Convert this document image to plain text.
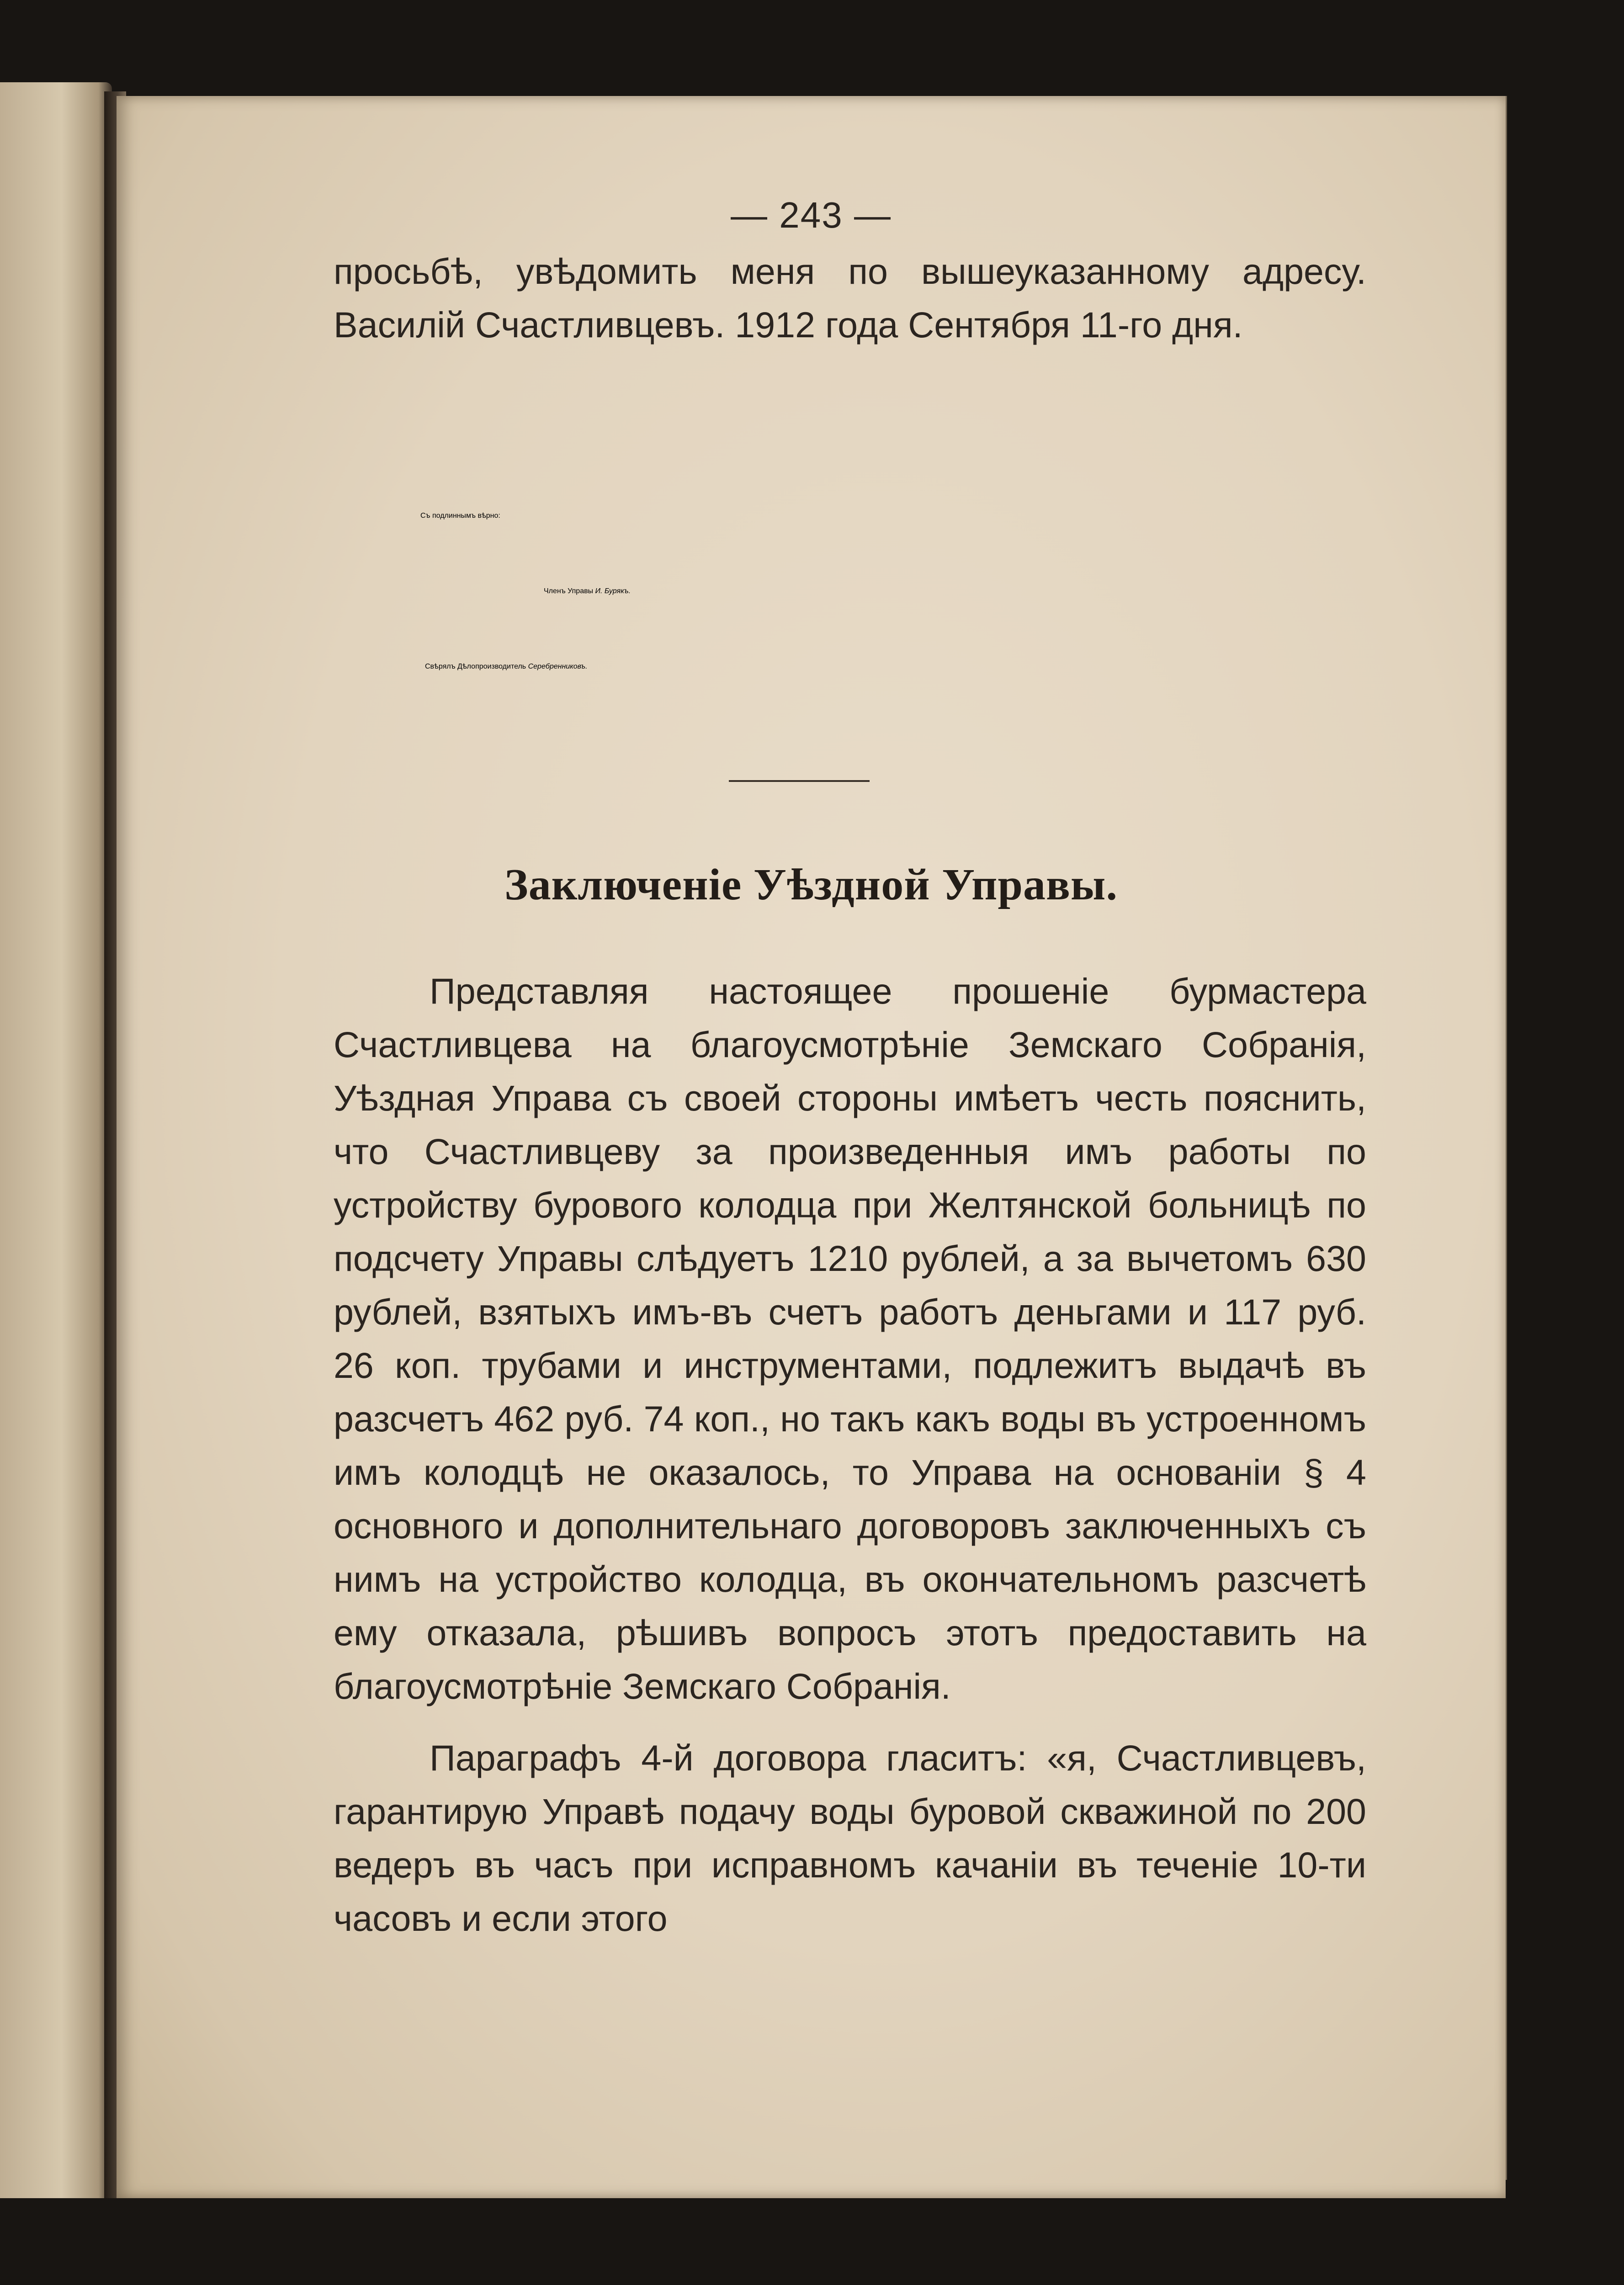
— 243 —

просьбѣ, увѣдомить меня по вышеуказанному адресу. Василій Счастливцевъ. 1912 года Сентября 11-го дня.

Съ подлиннымъ вѣрно:

Членъ Управы И. Бурякъ.

Свѣрялъ Дѣлопроизводитель Серебренниковъ.

Заключеніе Уѣздной Управы.

Представляя настоящее прошеніе бурмастера Счастливцева на благоусмотрѣніе Земскаго Собранія, Уѣздная Управа съ своей стороны имѣетъ честь пояснить, что Счастливцеву за произведенныя имъ работы по устройству бурового колодца при Желтянской больницѣ по подсчету Управы слѣдуетъ 1210 рублей, а за вычетомъ 630 рублей, взятыхъ имъ-въ счетъ работъ деньгами и 117 руб. 26 коп. трубами и инструментами, подлежитъ выдачѣ въ разсчетъ 462 руб. 74 коп., но такъ какъ воды въ устроенномъ имъ колодцѣ не оказалось, то Управа на основаніи § 4 основного и дополнительнаго договоровъ заключенныхъ съ нимъ на устройство колодца, въ окончательномъ разсчетѣ ему отказала, рѣшивъ вопросъ этотъ предоставить на благоусмотрѣніе Земскаго Собранія.

Параграфъ 4-й договора гласитъ: «я, Счастливцевъ, гарантирую Управѣ подачу воды буровой скважиной по 200 ведеръ въ часъ при исправномъ качаніи въ теченіе 10-ти часовъ и если этого
